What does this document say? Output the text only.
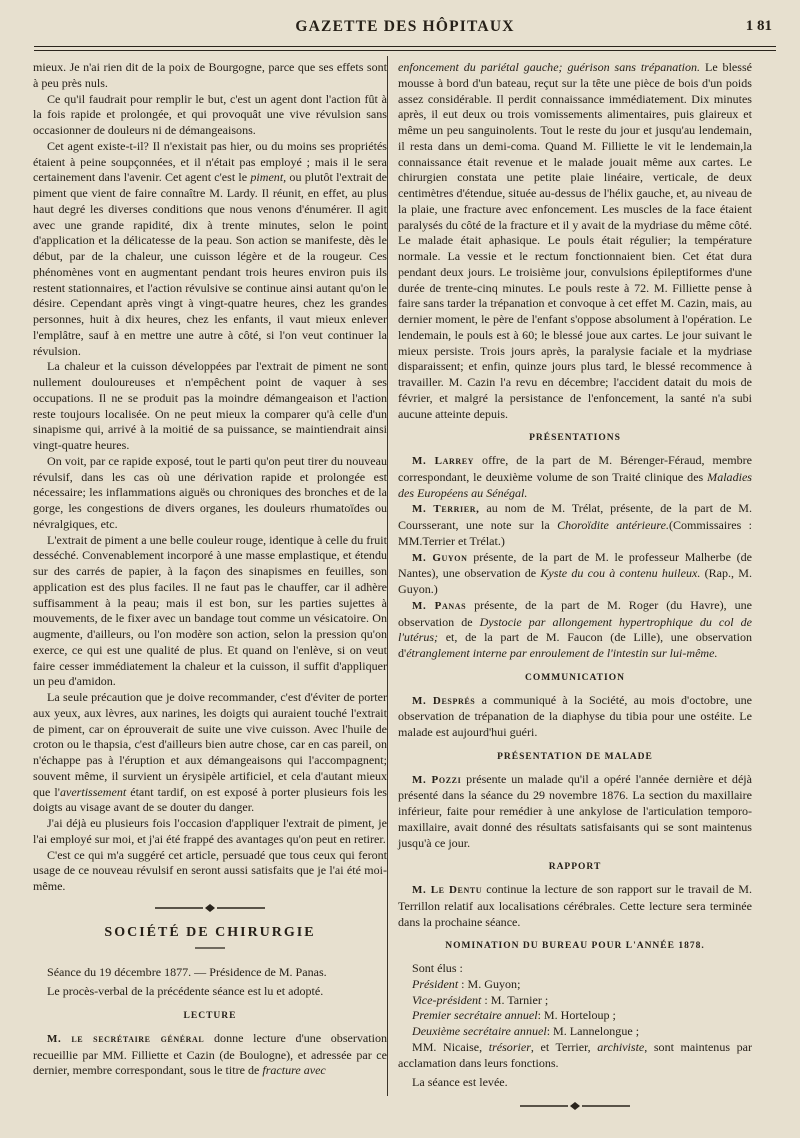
GAZETTE DES HÔPITAUX	1 81

mieux. Je n'ai rien dit de la poix de Bourgogne, parce que ses effets sont à peu près nuls.

Ce qu'il faudrait pour remplir le but, c'est un agent dont l'action fût à la fois rapide et prolongée, et qui provoquât une vive révulsion sans occasionner de douleurs ni de démangeaisons.

Cet agent existe-t-il? Il n'existait pas hier, ou du moins ses propriétés étaient à peine soupçonnées, et il n'était pas employé ; mais il le sera certainement dans l'avenir. Cet agent c'est le piment, ou plutôt l'extrait de piment que vient de faire connaître M. Lardy. Il réunit, en effet, au plus haut degré les diverses conditions que nous venons d'énumérer. Il agit avec une grande rapidité, dix à trente minutes, selon le point d'application et la délicatesse de la peau. Son action se manifeste, dès le début, par de la chaleur, une cuisson légère et de la rougeur. Ces phénomènes vont en augmentant pendant trois heures environ puis ils restent stationnaires, et l'action révulsive se continue ainsi autant qu'on le désire. Cependant après vingt à vingt-quatre heures, chez les grandes personnes, huit à dix heures, chez les enfants, il vaut mieux enlever l'emplâtre, sauf à en mettre une autre à côté, si l'on veut continuer la révulsion.

La chaleur et la cuisson développées par l'extrait de piment ne sont nullement douloureuses et n'empêchent point de vaquer à ses occupations. Il ne se produit pas la moindre démangeaison et l'action reste toujours localisée. On ne peut mieux la comparer qu'à celle d'un sinapisme qui, arrivé à la moitié de sa puissance, se maintiendrait ainsi vingt-quatre heures.

On voit, par ce rapide exposé, tout le parti qu'on peut tirer du nouveau révulsif, dans les cas où une dérivation rapide et prolongée est nécessaire; les inflammations aiguës ou chroniques des bronches et de la gorge, les congestions de divers organes, les douleurs rhumatoïdes ou névralgiques, etc.

L'extrait de piment a une belle couleur rouge, identique à celle du fruit desséché. Convenablement incorporé à une masse emplastique, et étendu sur des carrés de papier, à la façon des sinapismes en feuilles, son application est des plus faciles. Il ne faut pas le chauffer, car il adhère suffisamment à la peau; mais il est bon, sur les parties sujettes à mouvements, de le fixer avec un bandage tout comme un vésicatoire. On augmente, d'ailleurs, ou l'on modère son action, selon la pression qu'on exerce, ce qui est une qualité de plus. Et quand on l'enlève, si on veut faire cesser immédiatement la chaleur et la cuisson, il suffit d'appliquer un peu d'amidon.

La seule précaution que je doive recommander, c'est d'éviter de porter aux yeux, aux lèvres, aux narines, les doigts qui auraient touché l'extrait de piment, car on éprouverait de suite une vive cuisson. Avec l'huile de croton ou le thapsia, c'est d'ailleurs bien autre chose, car en cas pareil, on n'échappe pas à l'éruption et aux démangeaisons qui l'accompagnent; souvent même, il survient un érysipèle artificiel, et cela d'autant mieux que l'avertissement étant tardif, on est exposé à porter plusieurs fois les doigts au visage avant de se douter du danger.

J'ai déjà eu plusieurs fois l'occasion d'appliquer l'extrait de piment, je l'ai employé sur moi, et j'ai été frappé des avantages qu'on peut en retirer.

C'est ce qui m'a suggéré cet article, persuadé que tous ceux qui feront usage de ce nouveau révulsif en seront aussi satisfaits que je l'ai été moi-même.

SOCIÉTÉ DE CHIRURGIE

Séance du 19 décembre 1877. — Présidence de M. Panas.

Le procès-verbal de la précédente séance est lu et adopté.

LECTURE

M. le secrétaire général donne lecture d'une observation recueillie par MM. Filliette et Cazin (de Boulogne), et adressée par ce dernier, membre correspondant, sous le titre de fracture avec

enfoncement du pariétal gauche; guérison sans trépanation. Le blessé mousse à bord d'un bateau, reçut sur la tête une pièce de bois d'un poids assez considérable. Il perdit connaissance immédiatement. Dix minutes après, il eut deux ou trois vomissements alimentaires, puis glaireux et même un peu sanguinolents. Tout le reste du jour et jusqu'au lendemain, il resta dans un demi-coma. Quand M. Filliette le vit le lendemain,la connaissance était revenue et le malade jouait même aux cartes. Le chirurgien constata une petite plaie linéaire, verticale, de deux centimètres d'étendue, située au-dessus de l'hélix gauche, et, au niveau de la plaie, une fracture avec enfoncement. Les muscles de la face étaient paralysés du côté de la fracture et il y avait de la mydriase du même côté. Le malade était aphasique. Le pouls était régulier; la température normale. La vessie et le rectum fonctionnaient bien. Cet état dura pendant deux jours. Le troisième jour, convulsions épileptiformes d'une durée de trente-cinq minutes. Le pouls reste à 72. M. Filliette pense à faire sans tarder la trépanation et convoque à cet effet M. Cazin, mais, au dernier moment, le père de l'enfant s'oppose absolument à l'opération. Le lendemain, le pouls est à 60; le blessé joue aux cartes. Le jour suivant le mieux persiste. Trois jours après, la paralysie faciale et la mydriase disparaissent; et enfin, quinze jours plus tard, le blessé recommence à travailler. M. Cazin l'a revu en décembre; l'accident datait du mois de février, et malgré la persistance de l'enfoncement, la santé n'a subi aucune atteinte depuis.

PRÉSENTATIONS

M. Larrey offre, de la part de M. Bérenger-Féraud, membre correspondant, le deuxième volume de son Traité clinique des Maladies des Européens au Sénégal.

M. Terrier, au nom de M. Trélat, présente, de la part de M. Coursserant, une note sur la Choroïdite antérieure.(Commissaires : MM.Terrier et Trélat.)

M. Guyon présente, de la part de M. le professeur Malherbe (de Nantes), une observation de Kyste du cou à contenu huileux. (Rap., M. Guyon.)

M. Panas présente, de la part de M. Roger (du Havre), une observation de Dystocie par allongement hypertrophique du col de l'utérus; et, de la part de M. Faucon (de Lille), une observation d'étranglement interne par enroulement de l'intestin sur lui-même.

COMMUNICATION

M. Després a communiqué à la Société, au mois d'octobre, une observation de trépanation de la diaphyse du tibia pour une ostéite. Le malade est aujourd'hui guéri.

PRÉSENTATION DE MALADE

M. Pozzi présente un malade qu'il a opéré l'année dernière et déjà présenté dans la séance du 29 novembre 1876. La section du maxillaire inférieur, faite pour remédier à une ankylose de l'articulation temporo-maxillaire, avait donné des résultats satisfaisants qui se sont maintenus jusqu'à ce jour.

RAPPORT

M. Le Dentu continue la lecture de son rapport sur le travail de M. Terrillon relatif aux localisations cérébrales. Cette lecture sera terminée dans la prochaine séance.

NOMINATION DU BUREAU POUR L'ANNÉE 1878.

Sont élus :

Président : M. Guyon;

Vice-président : M. Tarnier ;

Premier secrétaire annuel: M. Horteloup ;

Deuxième secrétaire annuel: M. Lannelongue ;

MM. Nicaise, trésorier, et Terrier, archiviste, sont maintenus par acclamation dans leurs fonctions.

La séance est levée.
